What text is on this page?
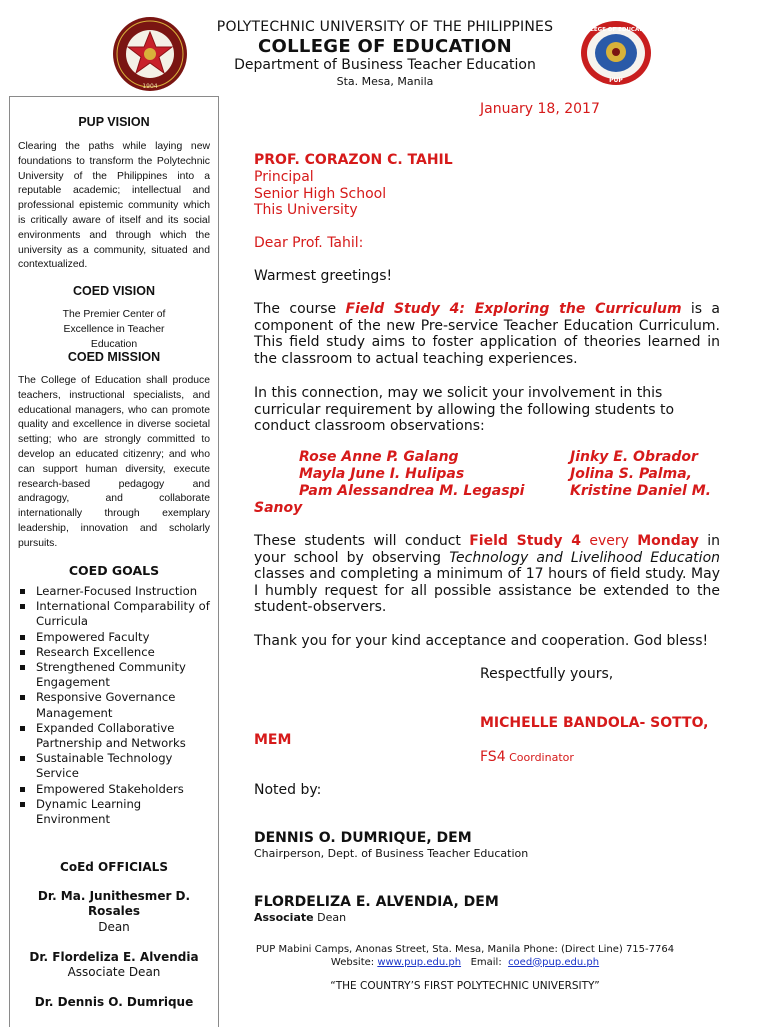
1904
COLLEGE OF EDUCATION
PUP
POLYTECHNIC UNIVERSITY OF THE PHILIPPINES
COLLEGE OF EDUCATION
Department of Business Teacher Education
Sta. Mesa, Manila
PUP VISION
Clearing the paths while laying new foundations to transform the Polytechnic University of the Philippines into a reputable academic; intellectual and professional epistemic community which is critically aware of itself and its social environments and through which the university as a community, situated and contextualized.
COED VISION
The Premier Center of Excellence in Teacher Education
COED MISSION
The College of Education shall produce teachers, instructional specialists, and educational managers, who can promote quality and excellence in diverse societal setting; who are strongly committed to develop an educated citizenry; and who can support human diversity, execute research-based pedagogy and andragogy, and collaborate internationally through exemplary leadership, innovation and scholarly pursuits.
COED GOALS
Learner-Focused Instruction
International Comparability of Curricula
Empowered Faculty
Research Excellence
Strengthened Community Engagement
Responsive Governance Management
Expanded Collaborative Partnership and Networks
Sustainable Technology Service
Empowered Stakeholders
Dynamic Learning Environment
CoEd OFFICIALS
Dr. Ma. Junithesmer D. Rosales
Dean
Dr. Flordeliza E. Alvendia
Associate Dean
Dr. Dennis O. Dumrique
January 18, 2017
PROF. CORAZON C. TAHIL
Principal
Senior High School
This University
Dear Prof. Tahil:
Warmest greetings!
The course Field Study 4: Exploring the Curriculum is a component of the new Pre-service Teacher Education Curriculum. This field study aims to foster application of theories learned in the classroom to actual teaching experiences.
In this connection, may we solicit your involvement in this curricular requirement by allowing the following students to conduct classroom observations:
Rose Anne P. Galang
Mayla June I. Hulipas
Pam Alessandrea M. Legaspi
Jinky E. Obrador
Jolina S. Palma,
Kristine Daniel M.
Sanoy
These students will conduct Field Study 4 every Monday in your school by observing Technology and Livelihood Education classes and completing a minimum of 17 hours of field study. May I humbly request for all possible assistance be extended to the student-observers.
Thank you for your kind acceptance and cooperation. God bless!
Respectfully yours,
MICHELLE BANDOLA- SOTTO,
MEM
FS4 Coordinator
Noted by:
DENNIS O. DUMRIQUE, DEM
Chairperson, Dept. of Business Teacher Education
FLORDELIZA E. ALVENDIA, DEM
Associate Dean
PUP Mabini Camps, Anonas Street, Sta. Mesa, Manila Phone: (Direct Line) 715-7764
Website: www.pup.edu.ph   Email:  coed@pup.edu.ph
“THE COUNTRY’S FIRST POLYTECHNIC UNIVERSITY”
